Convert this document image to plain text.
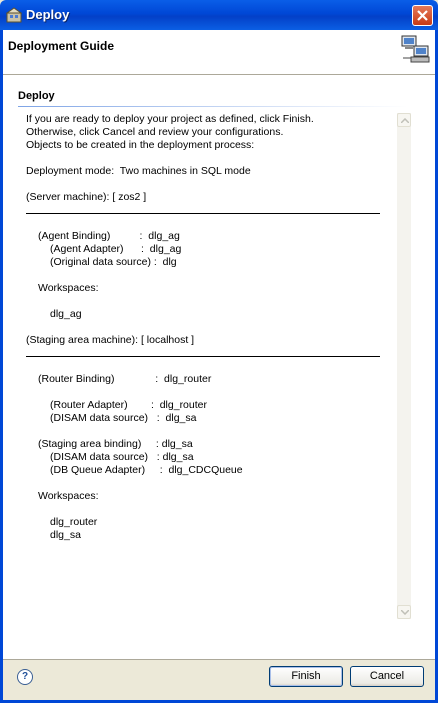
Deploy
Deployment Guide
Deploy
If you are ready to deploy your project as defined, click Finish.
Otherwise, click Cancel and review your configurations.
Objects to be created in the deployment process:
Deployment mode:  Two machines in SQL mode
(Server machine): [ zos2 ]
(Agent Binding)          :  dlg_ag
(Agent Adapter)      :  dlg_ag
(Original data source) :  dlg
Workspaces:
dlg_ag
(Staging area machine): [ localhost ]
(Router Binding)              :  dlg_router
(Router Adapter)        :  dlg_router
(DISAM data source)   :  dlg_sa
(Staging area binding)     : dlg_sa
(DISAM data source)   : dlg_sa
(DB Queue Adapter)     :  dlg_CDCQueue
Workspaces:
dlg_router
dlg_sa
?	Finish	Cancel
